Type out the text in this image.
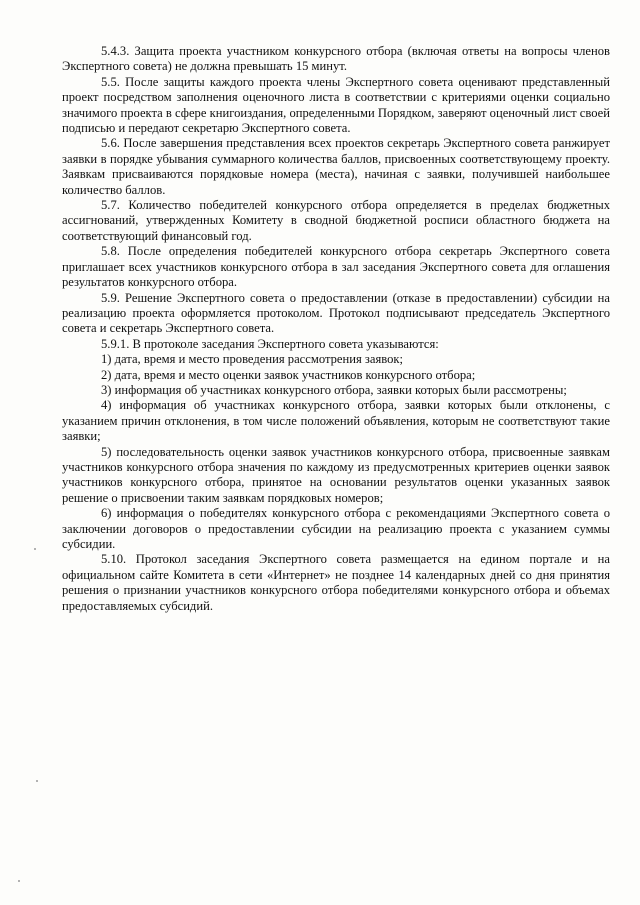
5.4.3. Защита проекта участником конкурсного отбора (включая ответы на вопросы членов Экспертного совета) не должна превышать 15 минут.

5.5. После защиты каждого проекта члены Экспертного совета оценивают представленный проект посредством заполнения оценочного листа в соответствии с критериями оценки социально значимого проекта в сфере книгоиздания, определенными Порядком, заверяют оценочный лист своей подписью и передают секретарю Экспертного совета.

5.6. После завершения представления всех проектов секретарь Экспертного совета ранжирует заявки в порядке убывания суммарного количества баллов, присвоенных соответствующему проекту. Заявкам присваиваются порядковые номера (места), начиная с заявки, получившей наибольшее количество баллов.

5.7. Количество победителей конкурсного отбора определяется в пределах бюджетных ассигнований, утвержденных Комитету в сводной бюджетной росписи областного бюджета на соответствующий финансовый год.

5.8. После определения победителей конкурсного отбора секретарь Экспертного совета приглашает всех участников конкурсного отбора в зал заседания Экспертного совета для оглашения результатов конкурсного отбора.

5.9. Решение Экспертного совета о предоставлении (отказе в предоставлении) субсидии на реализацию проекта оформляется протоколом. Протокол подписывают председатель Экспертного совета и секретарь Экспертного совета.

5.9.1. В протоколе заседания Экспертного совета указываются:

1) дата, время и место проведения рассмотрения заявок;

2) дата, время и место оценки заявок участников конкурсного отбора;

3) информация об участниках конкурсного отбора, заявки которых были рассмотрены;

4) информация об участниках конкурсного отбора, заявки которых были отклонены, с указанием причин отклонения, в том числе положений объявления, которым не соответствуют такие заявки;

5) последовательность оценки заявок участников конкурсного отбора, присвоенные заявкам участников конкурсного отбора значения по каждому из предусмотренных критериев оценки заявок участников конкурсного отбора, принятое на основании результатов оценки указанных заявок решение о присвоении таким заявкам порядковых номеров;

6) информация о победителях конкурсного отбора с рекомендациями Экспертного совета о заключении договоров о предоставлении субсидии на реализацию проекта с указанием суммы субсидии.

5.10. Протокол заседания Экспертного совета размещается на едином портале и на официальном сайте Комитета в сети «Интернет» не позднее 14 календарных дней со дня принятия решения о признании участников конкурсного отбора победителями конкурсного отбора и объемах предоставляемых субсидий.
